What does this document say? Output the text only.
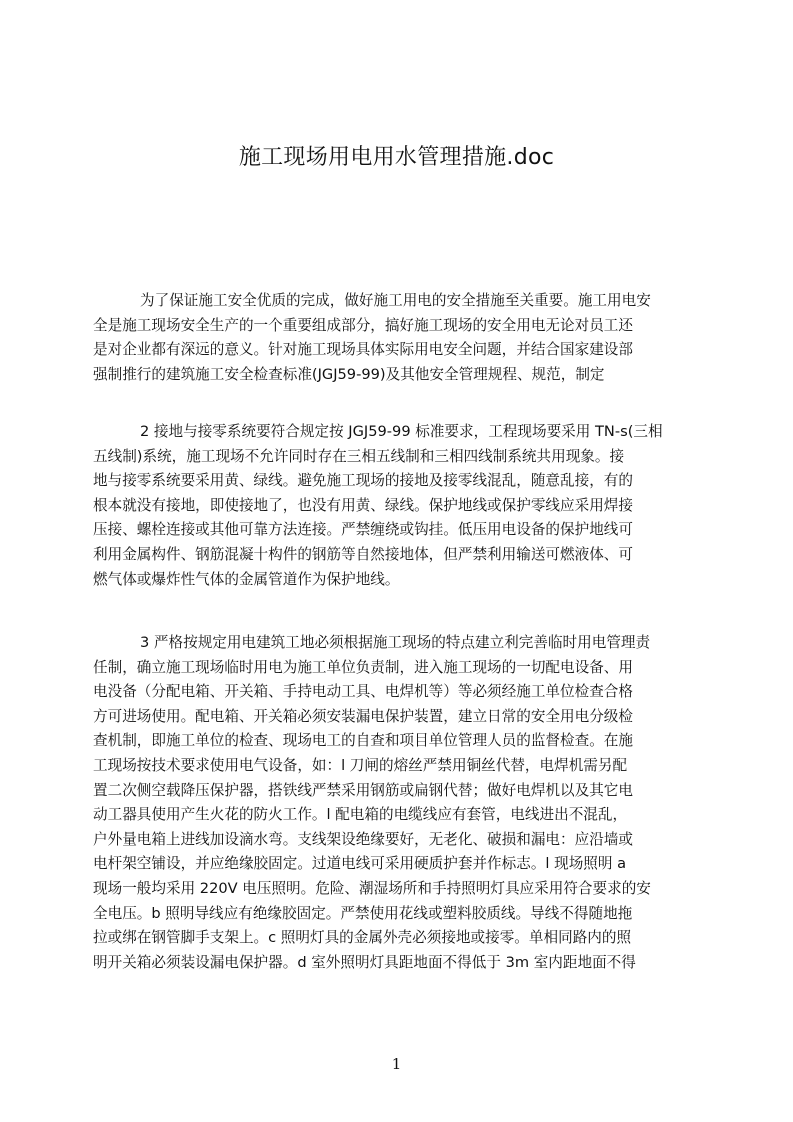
施工现场用电用水管理措施.doc
为了保证施工安全优质的完成，做好施工用电的安全措施至关重要。施工用电安
全是施工现场安全生产的一个重要组成部分，搞好施工现场的安全用电无论对员工还
是对企业都有深远的意义。针对施工现场具体实际用电安全问题，并结合国家建设部
强制推行的建筑施工安全检查标准(JGJ59-99)及其他安全管理规程、规范，制定
2 接地与接零系统要符合规定按 JGJ59-99 标准要求，工程现场要采用 TN-s(三相
五线制)系统，施工现场不允许同时存在三相五线制和三相四线制系统共用现象。接
地与接零系统要采用黄、绿线。避免施工现场的接地及接零线混乱，随意乱接，有的
根本就没有接地，即使接地了，也没有用黄、绿线。保护地线或保护零线应采用焊接
压接、螺栓连接或其他可靠方法连接。严禁缠绕或钩挂。低压用电设备的保护地线可
利用金属构件、钢筋混凝十构件的钢筋等自然接地体，但严禁利用输送可燃液体、可
燃气体或爆炸性气体的金属管道作为保护地线。
3 严格按规定用电建筑工地必须根据施工现场的特点建立利完善临时用电管理责
任制，确立施工现场临时用电为施工单位负责制，进入施工现场的一切配电设备、用
电没备（分配电箱、开关箱、手持电动工具、电焊机等）等必须经施工单位检查合格
方可进场使用。配电箱、开关箱必须安装漏电保护装置，建立日常的安全用电分级检
查机制，即施工单位的检查、现场电工的自查和项目单位管理人员的监督检查。在施
工现场按技术要求使用电气设备，如：l 刀闸的熔丝严禁用铜丝代替，电焊机需另配
置二次侧空载降压保护器，搭铁线严禁采用钢筋或扁钢代替；做好电焊机以及其它电
动工器具使用产生火花的防火工作。l 配电箱的电缆线应有套管，电线进出不混乱，
户外量电箱上进线加设滴水弯。支线架设绝缘要好，无老化、破损和漏电：应沿墙或
电杆架空铺设，并应绝缘胶固定。过道电线可采用硬质护套并作标志。l 现场照明 a
现场一般均采用 220V 电压照明。危险、潮湿场所和手持照明灯具应采用符合要求的安
全电压。b 照明导线应有绝缘胶固定。严禁使用花线或塑料胶质线。导线不得随地拖
拉或绑在钢管脚手支架上。c 照明灯具的金属外壳必须接地或接零。单相同路内的照
明开关箱必须装设漏电保护器。d 室外照明灯具距地面不得低于 3m 室内距地面不得
1
